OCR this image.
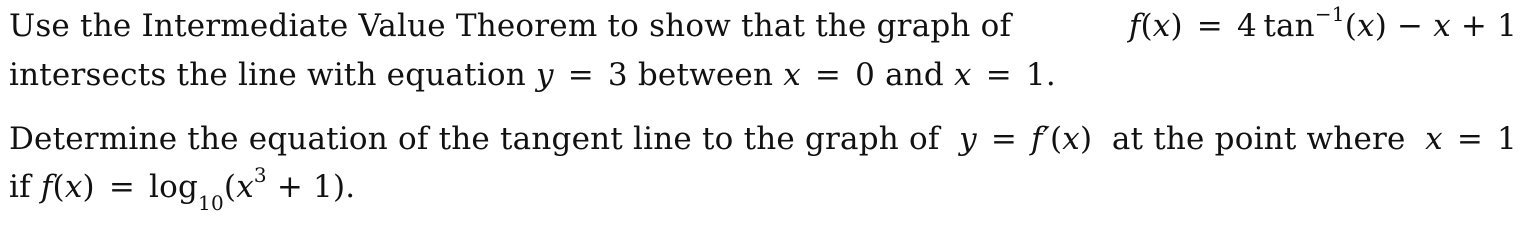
Use the Intermediate Value Theorem to show that the graph of	f(x) = 4  $\tan^{-1}(x) - x + 1$
intersects the line with equation y = 3 between x = 0 and x = 1.
Determine the equation of the tangent line to the graph of y = f′(x) at the point where x = 1
if $f(x) = \log_{10}(x^3 + 1)$.
